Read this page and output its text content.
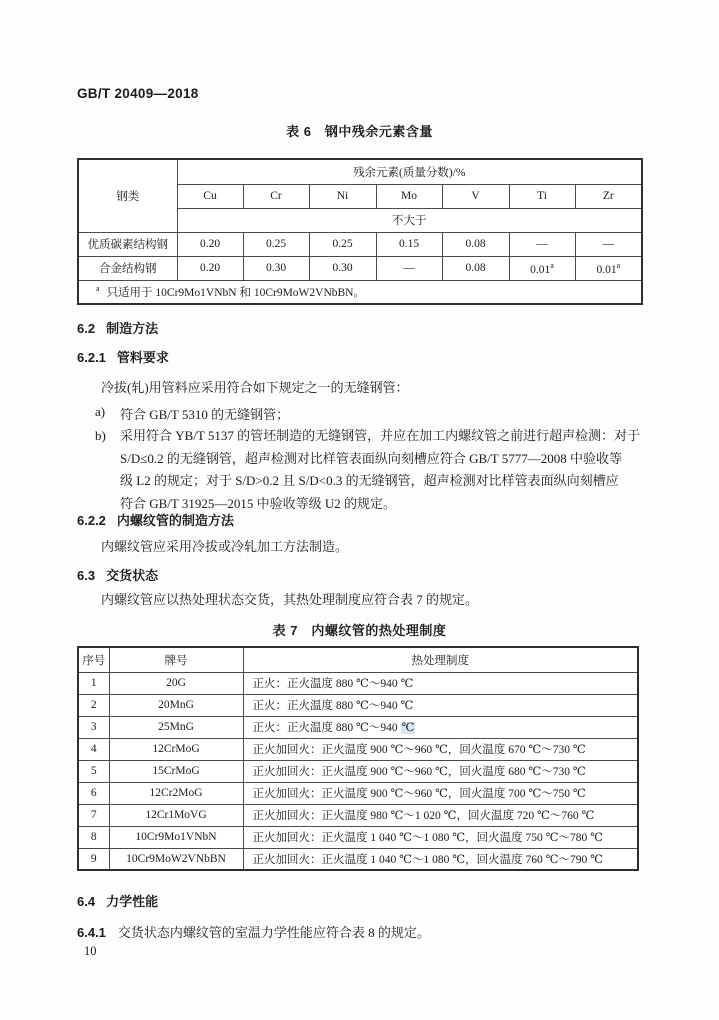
GB/T 20409—2018
表 6　钢中残余元素含量
钢类	残余元素(质量分数)/%						
	Cu	Cr	Ni	Mo	V	Ti	Zr
	不大于						
优质碳素结构钢	0.20	0.25	0.25	0.15	0.08	—	—
合金结构钢	0.20	0.30	0.30	—	0.08	0.01$^a$	0.01$^a$
$^a$ 只适用于 10Cr9Mo1VNbN 和 10Cr9MoW2VNbBN。							
6.2 制造方法
6.2.1 管料要求
冷拔(轧)用管料应采用符合如下规定之一的无缝钢管：
a)	符合 GB/T 5310 的无缝钢管；
b)	采用符合 YB/T 5137 的管坯制造的无缝钢管，并应在加工内螺纹管之前进行超声检测：对于
S/D≤0.2 的无缝钢管，超声检测对比样管表面纵向刻槽应符合 GB/T 5777—2008 中验收等
级 L2 的规定；对于 S/D>0.2 且 S/D<0.3 的无缝钢管，超声检测对比样管表面纵向刻槽应
符合 GB/T 31925—2015 中验收等级 U2 的规定。
6.2.2 内螺纹管的制造方法
内螺纹管应采用冷拔或冷轧加工方法制造。
6.3 交货状态
内螺纹管应以热处理状态交货，其热处理制度应符合表 7 的规定。
表 7　内螺纹管的热处理制度
序号	牌号	热处理制度
1	20G	正火：正火温度 880 ℃～940 ℃
2	20MnG	正火：正火温度 880 ℃～940 ℃
3	25MnG	正火：正火温度 880 ℃～940 ℃
4	12CrMoG	正火加回火：正火温度 900 ℃～960 ℃，回火温度 670 ℃～730 ℃
5	15CrMoG	正火加回火：正火温度 900 ℃～960 ℃，回火温度 680 ℃～730 ℃
6	12Cr2MoG	正火加回火：正火温度 900 ℃～960 ℃，回火温度 700 ℃～750 ℃
7	12Cr1MoVG	正火加回火：正火温度 980 ℃～1 020 ℃，回火温度 720 ℃～760 ℃
8	10Cr9Mo1VNbN	正火加回火：正火温度 1 040 ℃～1 080 ℃，回火温度 750 ℃～780 ℃
9	10Cr9MoW2VNbBN	正火加回火：正火温度 1 040 ℃～1 080 ℃，回火温度 760 ℃～790 ℃
6.4 力学性能
6.4.1 交货状态内螺纹管的室温力学性能应符合表 8 的规定。
10
